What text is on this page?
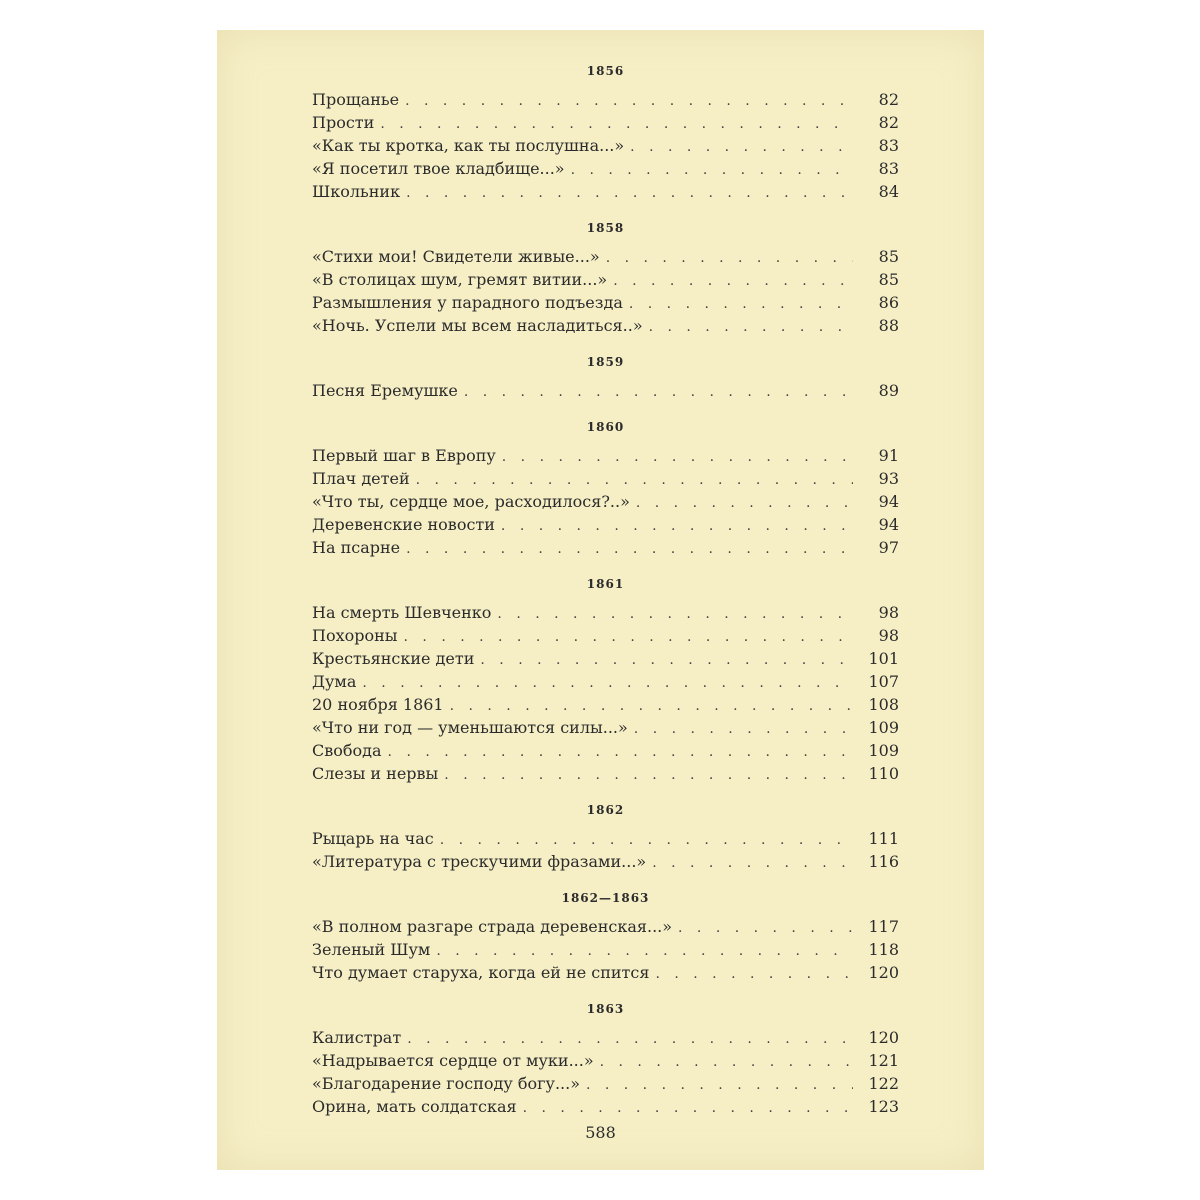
1856
Прощанье . . .	82
Прости . . .	82
«Как ты кротка, как ты послушна...» . . .	83
«Я посетил твое кладбище...» . . .	83
Школьник . . .	84
1858
«Стихи мои! Свидетели живые...» . . .	85
«В столицах шум, гремят витии...» . . .	85
Размышления у парадного подъезда . . .	86
«Ночь. Успели мы всем насладиться..» . . .	88
1859
Песня Еремушке . . .	89
1860
Первый шаг в Европу . . .	91
Плач детей . . .	93
«Что ты, сердце мое, расходилося?..» . . .	94
Деревенские новости . . .	94
На псарне . . .	97
1861
На смерть Шевченко . . .	98
Похороны . . .	98
Крестьянские дети . . .	101
Дума . . .	107
20 ноября 1861 . . .	108
«Что ни год — уменьшаются силы...» . . .	109
Свобода . . .	109
Слезы и нервы . . .	110
1862
Рыцарь на час . . .	111
«Литература с трескучими фразами...» . . .	116
1862—1863
«В полном разгаре страда деревенская...» . . .	117
Зеленый Шум . . .	118
Что думает старуха, когда ей не спится . . .	120
1863
Калистрат . . .	120
«Надрывается сердце от муки...» . . .	121
«Благодарение господу богу...» . . .	122
Орина, мать солдатская . . .	123
588
